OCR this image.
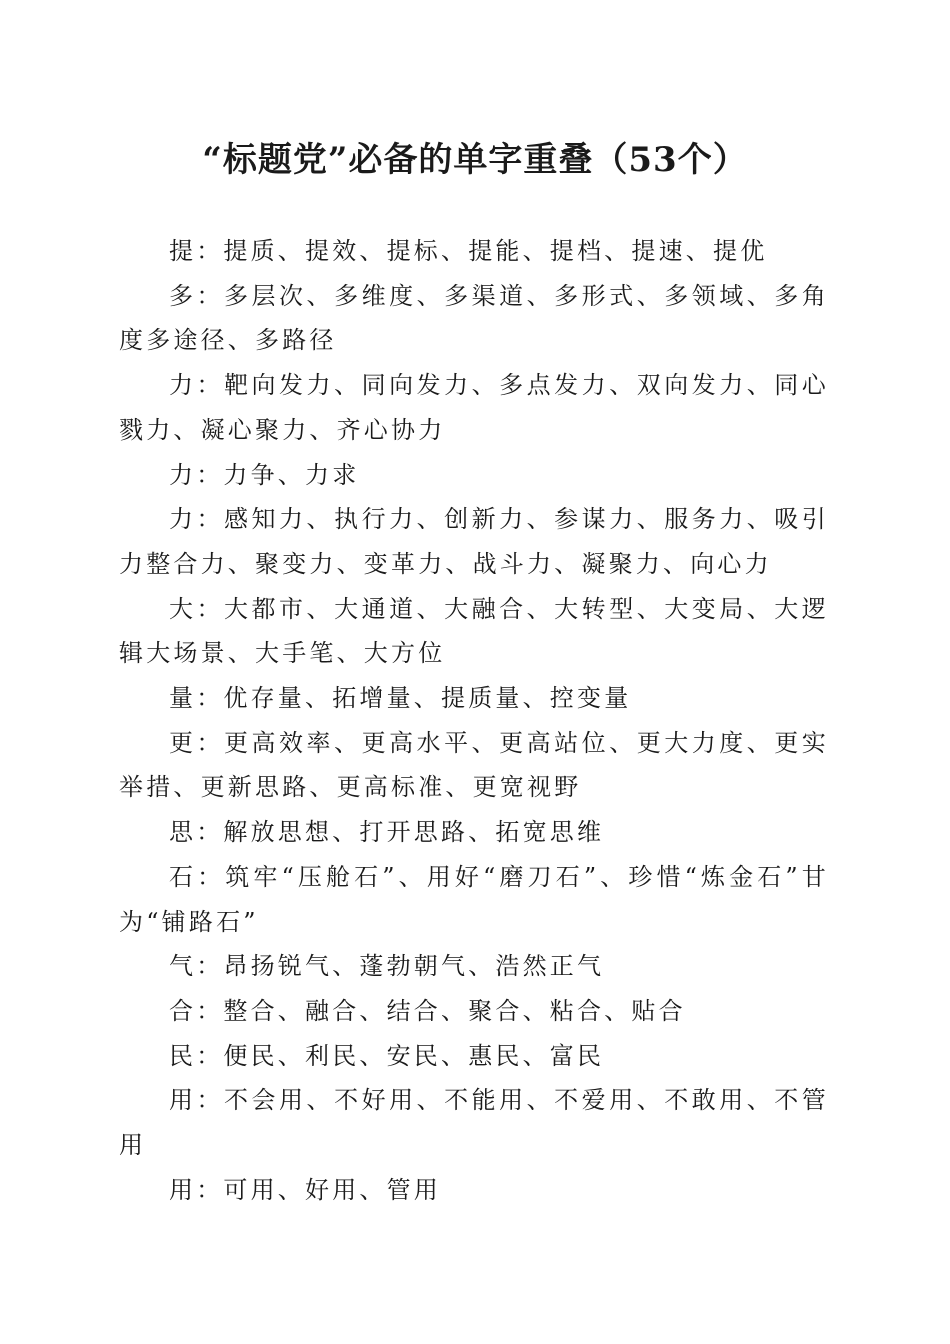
“标题党”必备的单字重叠（53个）

提：提质、提效、提标、提能、提档、提速、提优

多：多层次、多维度、多渠道、多形式、多领域、多角度多途径、多路径

力：靶向发力、同向发力、多点发力、双向发力、同心戮力、凝心聚力、齐心协力

力：力争、力求

力：感知力、执行力、创新力、参谋力、服务力、吸引力整合力、聚变力、变革力、战斗力、凝聚力、向心力

大：大都市、大通道、大融合、大转型、大变局、大逻辑大场景、大手笔、大方位

量：优存量、拓增量、提质量、控变量

更：更高效率、更高水平、更高站位、更大力度、更实举措、更新思路、更高标准、更宽视野

思：解放思想、打开思路、拓宽思维

石：筑牢“压舱石”、用好“磨刀石”、珍惜“炼金石”甘为“铺路石”

气：昂扬锐气、蓬勃朝气、浩然正气

合：整合、融合、结合、聚合、粘合、贴合

民：便民、利民、安民、惠民、富民

用：不会用、不好用、不能用、不爱用、不敢用、不管用

用：可用、好用、管用
